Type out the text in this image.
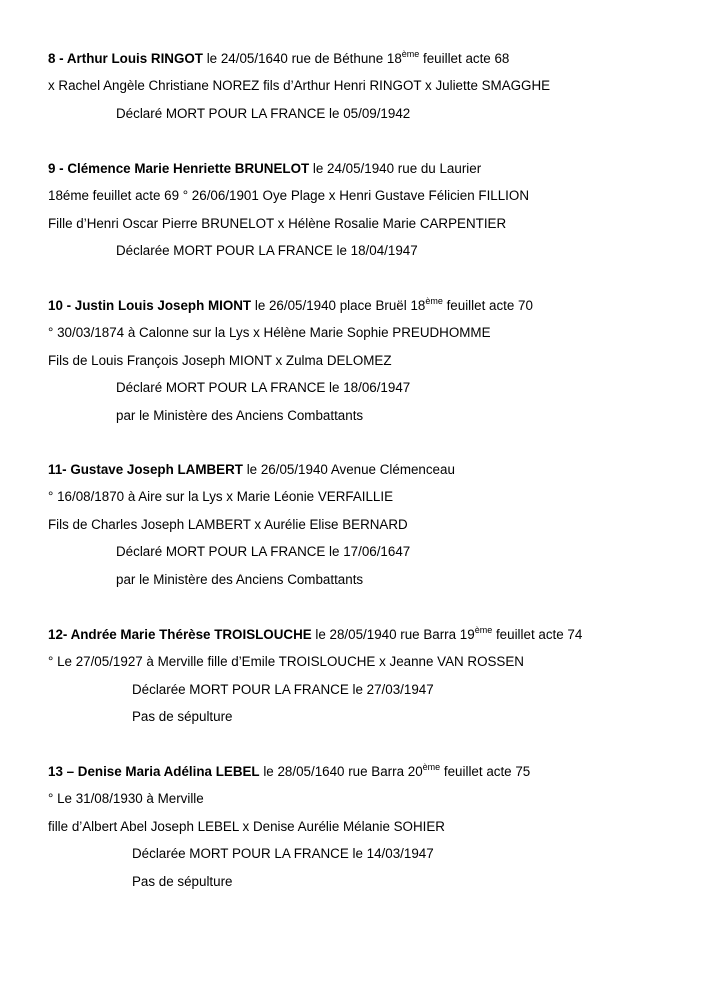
8 - Arthur Louis RINGOT le 24/05/1640 rue de Béthune 18ème feuillet acte 68
x Rachel Angèle Christiane NOREZ fils d’Arthur Henri RINGOT x Juliette SMAGGHE
Déclaré MORT POUR LA FRANCE le 05/09/1942
9 - Clémence Marie Henriette BRUNELOT le 24/05/1940 rue du Laurier
18éme feuillet acte 69 ° 26/06/1901 Oye Plage x Henri Gustave Félicien FILLION
Fille d’Henri Oscar Pierre BRUNELOT x Hélène Rosalie Marie CARPENTIER
Déclarée MORT POUR LA FRANCE le 18/04/1947
10 - Justin Louis Joseph MIONT le 26/05/1940 place Bruël 18ème feuillet acte 70
° 30/03/1874 à Calonne sur la Lys x Hélène Marie Sophie PREUDHOMME
Fils de Louis François Joseph MIONT x Zulma DELOMEZ
Déclaré MORT POUR LA FRANCE le 18/06/1947
par le Ministère des Anciens Combattants
11- Gustave Joseph LAMBERT le 26/05/1940 Avenue Clémenceau
° 16/08/1870 à Aire sur la Lys x Marie Léonie VERFAILLIE
Fils de Charles Joseph LAMBERT x Aurélie Elise BERNARD
Déclaré MORT POUR LA FRANCE le 17/06/1647
par le Ministère des Anciens Combattants
12- Andrée Marie Thérèse TROISLOUCHE le 28/05/1940 rue Barra 19ème feuillet acte 74
° Le 27/05/1927 à Merville fille d’Emile TROISLOUCHE x Jeanne VAN ROSSEN
Déclarée MORT POUR LA FRANCE le 27/03/1947
Pas de sépulture
13 – Denise Maria Adélina LEBEL le 28/05/1640 rue Barra 20ème feuillet acte 75
° Le 31/08/1930 à Merville
fille d’Albert Abel Joseph LEBEL x Denise Aurélie Mélanie SOHIER
Déclarée MORT POUR LA FRANCE le 14/03/1947
Pas de sépulture
